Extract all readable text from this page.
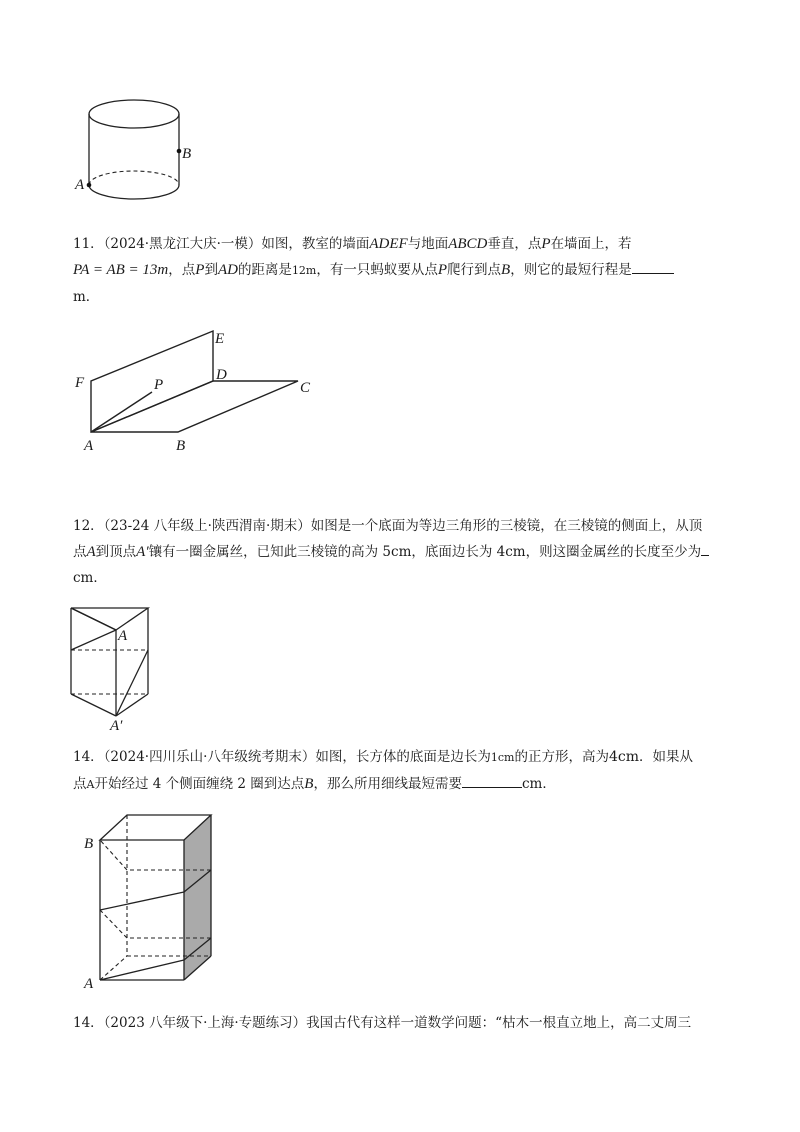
B
A

11．（2024·黑龙江大庆·一模）如图，教室的墙面ADEF与地面ABCD垂直，点P在墙面上，若

PA = AB = 13m，点P到AD的距离是12m，有一只蚂蚁要从点P爬行到点B，则它的最短行程是

m．

E
F	P
D
C
A	B

12．（23-24 八年级上·陕西渭南·期末）如图是一个底面为等边三角形的三棱镜，在三棱镜的侧面上，从顶

点A到顶点A′镶有一圈金属丝，已知此三棱镜的高为 5cm，底面边长为 4cm，则这圈金属丝的长度至少为

cm．

A
A′

14．（2024·四川乐山·八年级统考期末）如图，长方体的底面是边长为1cm的正方形，高为4cm．如果从

点A开始经过 4 个侧面缠绕 2 圈到达点B，那么所用细线最短需要	cm．

B
A

14．（2023 八年级下·上海·专题练习）我国古代有这样一道数学问题：“枯木一根直立地上，高二丈周三
